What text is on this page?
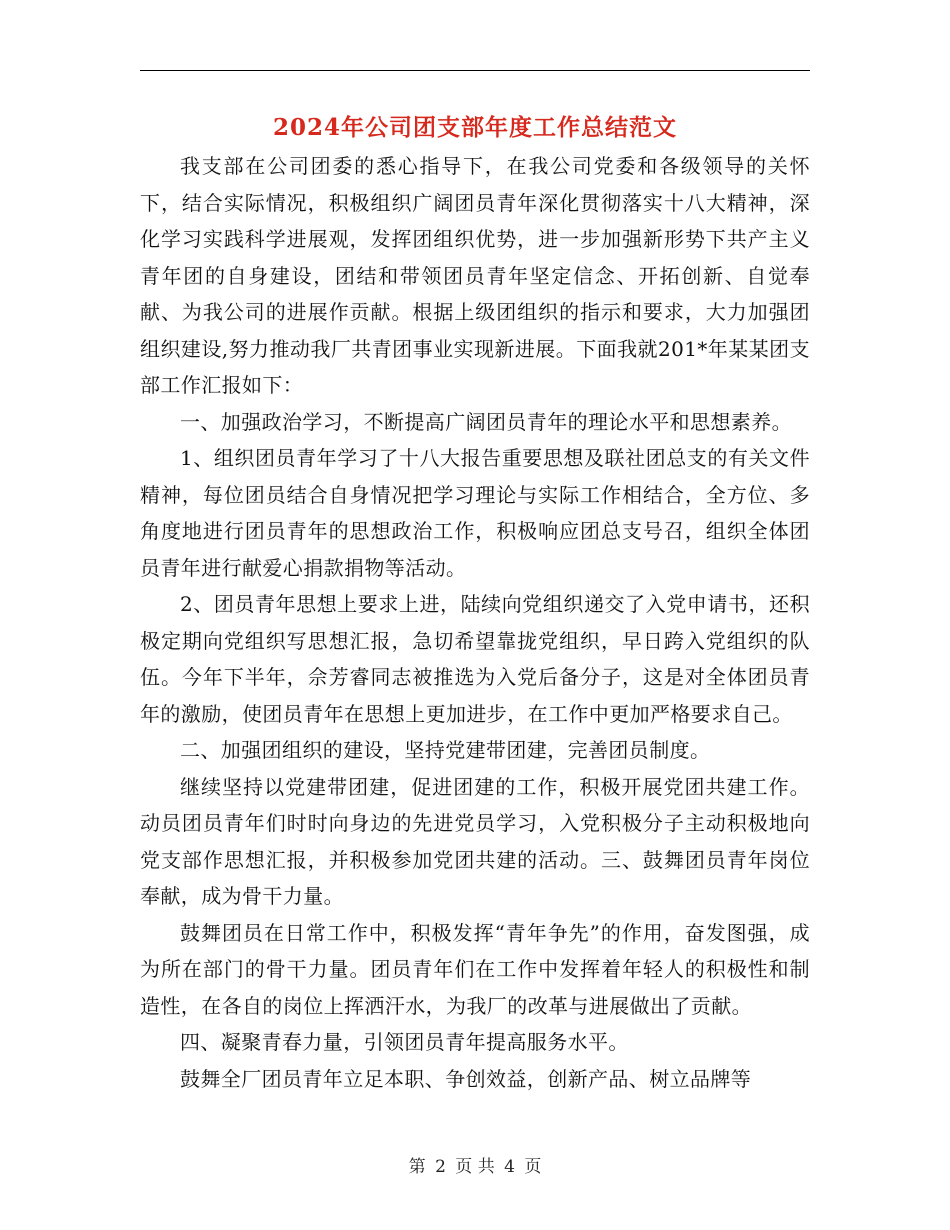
2024年公司团支部年度工作总结范文

我支部在公司团委的悉心指导下，在我公司党委和各级领导的关怀下，结合实际情况，积极组织广阔团员青年深化贯彻落实十八大精神，深化学习实践科学进展观，发挥团组织优势，进一步加强新形势下共产主义青年团的自身建设，团结和带领团员青年坚定信念、开拓创新、自觉奉献、为我公司的进展作贡献。根据上级团组织的指示和要求，大力加强团组织建设,努力推动我厂共青团事业实现新进展。下面我就201*年某某团支部工作汇报如下：

一、加强政治学习，不断提高广阔团员青年的理论水平和思想素养。

1、组织团员青年学习了十八大报告重要思想及联社团总支的有关文件精神，每位团员结合自身情况把学习理论与实际工作相结合，全方位、多角度地进行团员青年的思想政治工作，积极响应团总支号召，组织全体团员青年进行献爱心捐款捐物等活动。

2、团员青年思想上要求上进，陆续向党组织递交了入党申请书，还积极定期向党组织写思想汇报，急切希望靠拢党组织，早日跨入党组织的队伍。今年下半年，佘芳睿同志被推选为入党后备分子，这是对全体团员青年的激励，使团员青年在思想上更加进步，在工作中更加严格要求自己。

二、加强团组织的建设，坚持党建带团建，完善团员制度。

继续坚持以党建带团建，促进团建的工作，积极开展党团共建工作。动员团员青年们时时向身边的先进党员学习，入党积极分子主动积极地向党支部作思想汇报，并积极参加党团共建的活动。三、鼓舞团员青年岗位奉献，成为骨干力量。

鼓舞团员在日常工作中，积极发挥“青年争先”的作用，奋发图强，成为所在部门的骨干力量。团员青年们在工作中发挥着年轻人的积极性和制造性，在各自的岗位上挥洒汗水，为我厂的改革与进展做出了贡献。

四、凝聚青春力量，引领团员青年提高服务水平。

鼓舞全厂团员青年立足本职、争创效益，创新产品、树立品牌等

第 2 页 共 4 页
